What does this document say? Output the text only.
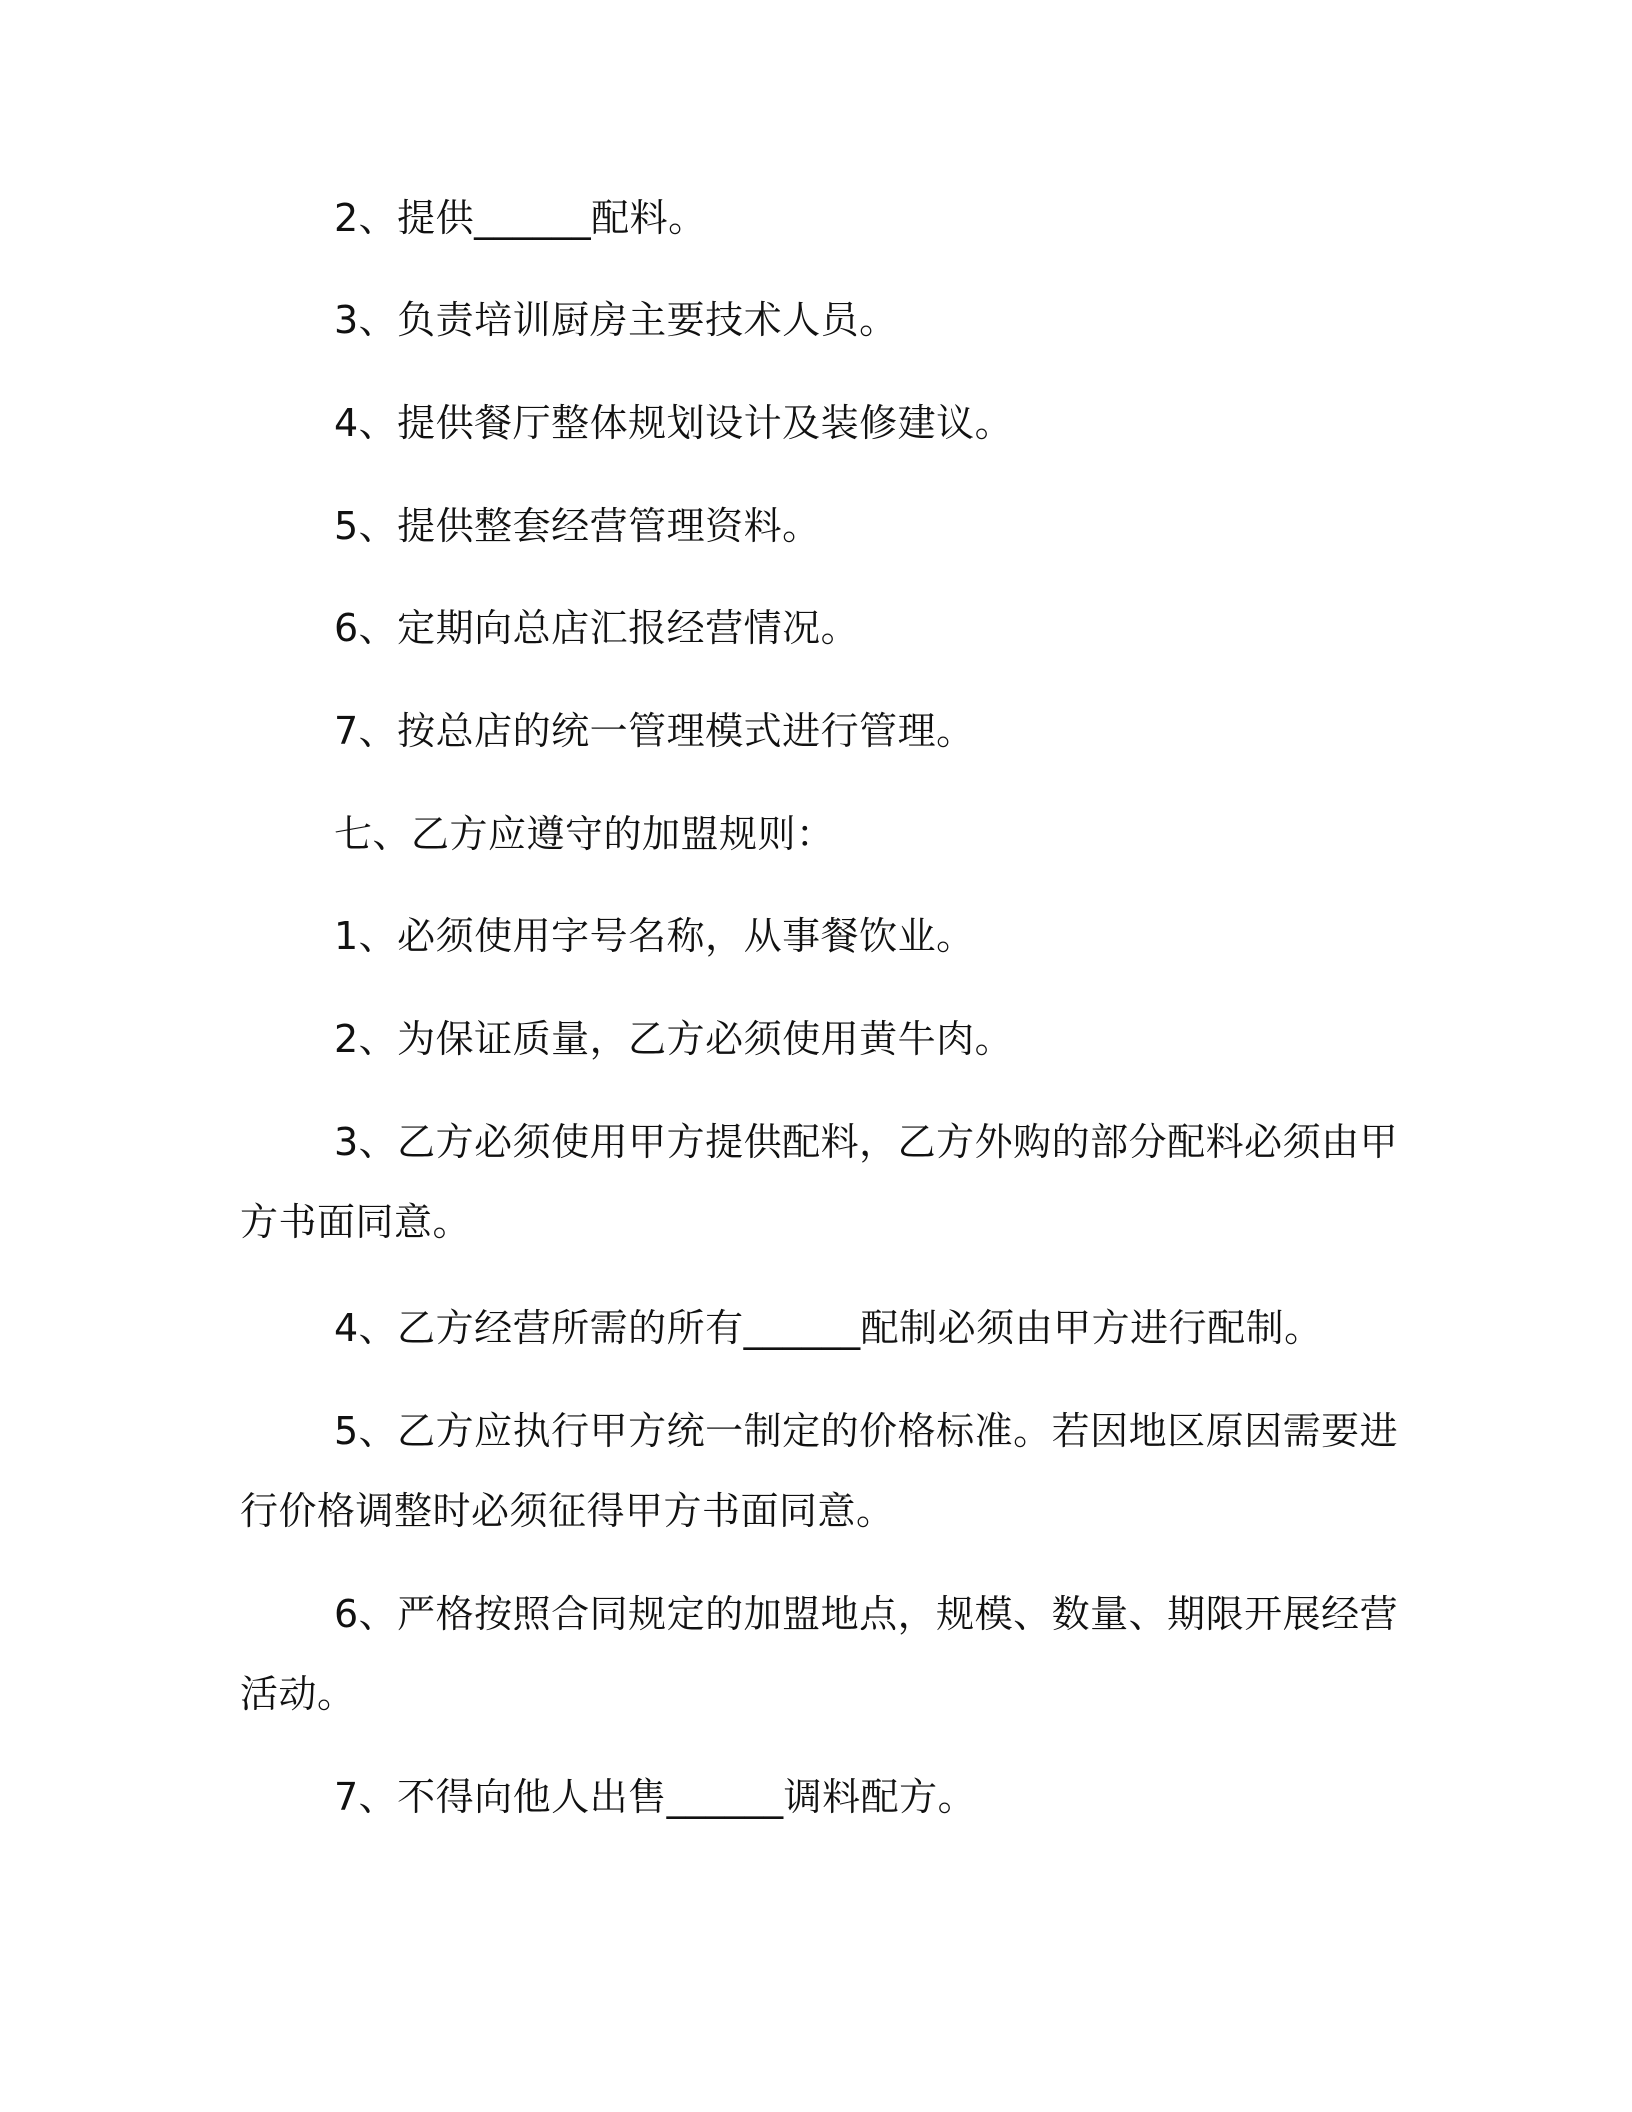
2、提供______配料。
3、负责培训厨房主要技术人员。
4、提供餐厅整体规划设计及装修建议。
5、提供整套经营管理资料。
6、定期向总店汇报经营情况。
7、按总店的统一管理模式进行管理。
七、乙方应遵守的加盟规则：
1、必须使用字号名称，从事餐饮业。
2、为保证质量，乙方必须使用黄牛肉。
3、乙方必须使用甲方提供配料，乙方外购的部分配料必须由甲
方书面同意。
4、乙方经营所需的所有______配制必须由甲方进行配制。
5、乙方应执行甲方统一制定的价格标准。若因地区原因需要进
行价格调整时必须征得甲方书面同意。
6、严格按照合同规定的加盟地点，规模、数量、期限开展经营
活动。
7、不得向他人出售______调料配方。
